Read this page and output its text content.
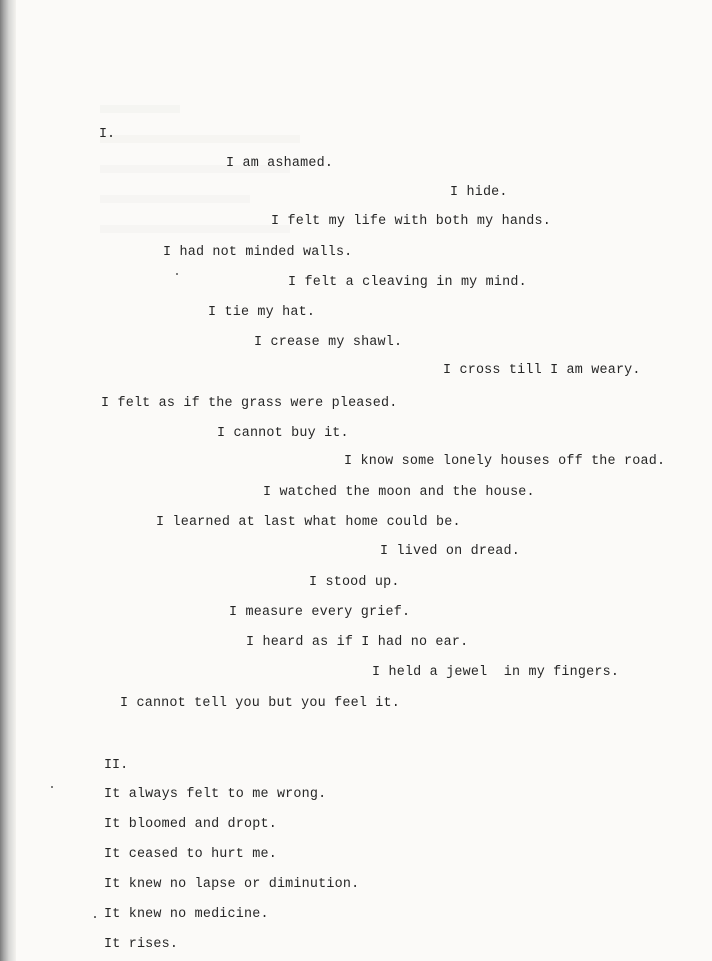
I.
I am ashamed.
I hide.
I felt my life with both my hands.
I had not minded walls.
I felt a cleaving in my mind.
I tie my hat.
I crease my shawl.
I cross till I am weary.
I felt as if the grass were pleased.
I cannot buy it.
I know some lonely houses off the road.
I watched the moon and the house.
I learned at last what home could be.
I lived on dread.
I stood up.
I measure every grief.
I heard as if I had no ear.
I held a jewel  in my fingers.
I cannot tell you but you feel it.
II.
It always felt to me wrong.
It bloomed and dropt.
It ceased to hurt me.
It knew no lapse or diminution.
It knew no medicine.
It rises.
